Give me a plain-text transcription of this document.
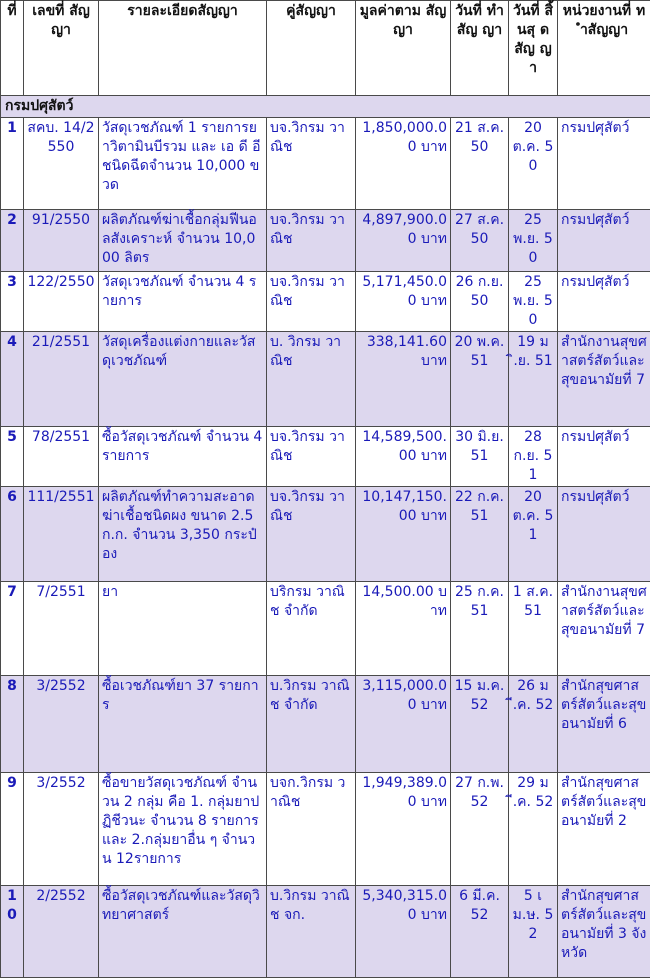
ที่	เลขที่ สัญญา	รายละเอียดสัญญา	คู่สัญญา	มูลค่าตาม สัญญา	วันที่ ทำ สัญ ญา	วันที่ สิ้นสุ ด สัญ ญา	หน่วยงานที่ ทำสัญญา
กรมปศุสัตว์							
1	สคบ. 14/2550	วัสดุเวชภัณฑ์ 1 รายการยาวิตามินบีรวม และ เอ ดี อี ชนิดฉีดจำนวน 10,000 ขวด	บจ.วิกรม วาณิช	1,850,000.00 บาท	21 ส.ค. 50	20 ต.ค. 50	กรมปศุสัตว์
2	91/2550	ผลิตภัณฑ์ฆ่าเชื้อกลุ่มฟีนอลสังเคราะห์ จำนวน 10,000 ลิตร	บจ.วิกรม วาณิช	4,897,900.00 บาท	27 ส.ค. 50	25 พ.ย. 50	กรมปศุสัตว์
3	122/2550	วัสดุเวชภัณฑ์ จำนวน 4 รายการ	บจ.วิกรม วาณิช	5,171,450.00 บาท	26 ก.ย. 50	25 พ.ย. 50	กรมปศุสัตว์
4	21/2551	วัสดุเครื่องแต่งกายและวัสดุเวชภัณฑ์	บ. วิกรม วาณิช	338,141.60 บาท	20 พ.ค. 51	19 มิ.ย. 51	สำนักงานสุขศาสตร์สัตว์และสุขอนามัยที่ 7
5	78/2551	ซื้อวัสดุเวชภัณฑ์ จำนวน 4 รายการ	บจ.วิกรม วาณิช	14,589,500.00 บาท	30 มิ.ย. 51	28 ก.ย. 51	กรมปศุสัตว์
6	111/2551	ผลิตภัณฑ์ทำความสะอาด ฆ่าเชื้อชนิดผง ขนาด 2.5 ก.ก. จำนวน 3,350 กระป๋อง	บจ.วิกรม วาณิช	10,147,150.00 บาท	22 ก.ค. 51	20 ต.ค. 51	กรมปศุสัตว์
7	7/2551	ยา	บริกรม วาณิช จำกัด	14,500.00 บาท	25 ก.ค. 51	1 ส.ค. 51	สำนักงานสุขศาสตร์สัตว์และสุขอนามัยที่ 7
8	3/2552	ซื้อเวชภัณฑ์ยา 37 รายการ	บ.วิกรม วาณิช จำกัด	3,115,000.00 บาท	15 ม.ค. 52	26 มี.ค. 52	สำนักสุขศาสตร์สัตว์และสุขอนามัยที่ 6
9	3/2552	ซื้อขายวัสดุเวชภัณฑ์ จำนวน 2 กลุ่ม คือ 1. กลุ่มยาปฏิชีวนะ จำนวน 8 รายการ และ 2.กลุ่มยาอื่น ๆ จำนวน 12รายการ	บจก.วิกรม วาณิช	1,949,389.00 บาท	27 ก.พ. 52	29 มี.ค. 52	สำนักสุขศาสตร์สัตว์และสุขอนามัยที่ 2
10	2/2552	ซื้อวัสดุเวชภัณฑ์และวัสดุวิทยาศาสตร์	บ.วิกรม วาณิช จก.	5,340,315.00 บาท	6 มี.ค. 52	5 เม.ษ. 52	สำนักสุขศาสตร์สัตว์และสุขอนามัยที่ 3 จังหวัด
